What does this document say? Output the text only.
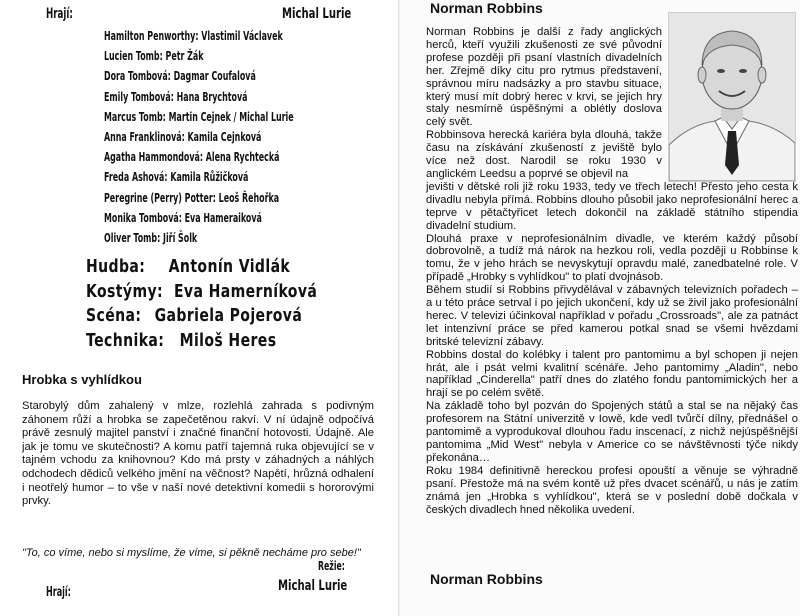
Hrají:	Michal Lurie
Hamilton Penworthy: Vlastimil Václavek
Lucien Tomb: Petr Žák
Dora Tombová: Dagmar Coufalová
Emily Tombová: Hana Brychtová
Marcus Tomb: Martin Cejnek / Michal Lurie
Anna Franklinová: Kamila Cejnková
Agatha Hammondová: Alena Rychtecká
Freda Ashová: Kamila Růžičková
Peregrine (Perry) Potter: Leoš Řehořka
Monika Tombová: Eva Hameraiková
Oliver Tomb: Jiří Šolk
Hudba: Antonín Vidlák
Kostýmy: Eva Hamerníková
Scéna: Gabriela Pojerová
Technika: Miloš Heres
Hrobka s vyhlídkou
Starobylý dům zahalený v mlze, rozlehlá zahrada s podivným záhonem růží a hrobka se zapečetěnou rakví. V ní údajně odpočívá právě zesnulý majitel panství i značné finanční hotovosti. Údajně. Ale jak je tomu ve skutečnosti? A komu patří tajemná ruka objevující se v tajném vchodu za knihovnou? Kdo má prsty v záhadných a náhlých odchodech dědiců velkého jmění na věčnost? Napětí, hrůzná odhalení i neotřelý humor – to vše v naší nové detektivní komedii s hororovými prvky.
"To, co víme, nebo si myslíme, že víme, si pěkně necháme pro sebe!"
Režie:
Hrají:	Michal Lurie
Norman Robbins

Norman Robbins je další z řady anglických herců, kteří využili zkušenosti ze své původní profese později při psaní vlastních divadelních her. Zřejmě díky citu pro rytmus představení, správnou míru nadsázky a pro stavbu situace, který musí mít dobrý herec v krvi, se jejich hry staly nesmírně úspěšnými a oblétly doslova celý svět.

Robbinsova herecká kariéra byla dlouhá, takže času na získávání zkušeností z jeviště bylo více než dost. Narodil se roku 1930 v anglickém Leedsu a poprvé se objevil na

jevišti v dětské roli již roku 1933, tedy ve třech letech! Přesto jeho cesta k divadlu nebyla přímá. Robbins dlouho působil jako neprofesionální herec a teprve v pětačtyřicet letech dokončil na základě státního stipendia divadelní studium.

Dlouhá praxe v neprofesionálním divadle, ve kterém každý působí dobrovolně, a tudíž má nárok na hezkou roli, vedla později u Robbinse k tomu, že v jeho hrách se nevyskytují opravdu malé, zanedbatelné role. V případě „Hrobky s vyhlídkou" to platí dvojnásob.

Během studií si Robbins přivydělával v zábavných televizních pořadech – a u této práce setrval i po jejich ukončení, kdy už se živil jako profesionální herec. V televizi účinkoval například v pořadu „Crossroads", ale za patnáct let intenzivní práce se před kamerou potkal snad se všemi hvězdami britské televizní zábavy.

Robbins dostal do kolébky i talent pro pantomimu a byl schopen ji nejen hrát, ale i psát velmi kvalitní scénáře. Jeho pantomimy „Aladin", nebo například „Cinderella" patří dnes do zlatého fondu pantomimických her a hrají se po celém světě.

Na základě toho byl pozván do Spojených států a stal se na nějaký čas profesorem na Státní univerzitě v Iowě, kde vedl tvůrčí dílny, přednášel o pantomimě a vyprodukoval dlouhou řadu inscenací, z nichž nejúspěšnější pantomima „Mid West" nebyla v Americe co se návštěvnosti týče nikdy překonána…

Roku 1984 definitivně hereckou profesi opouští a věnuje se výhradně psaní. Přestože má na svém kontě už přes dvacet scénářů, u nás je zatím známá jen „Hrobka s vyhlídkou", která se v poslední době dočkala v českých divadlech hned několika uvedení.

Norman Robbins
